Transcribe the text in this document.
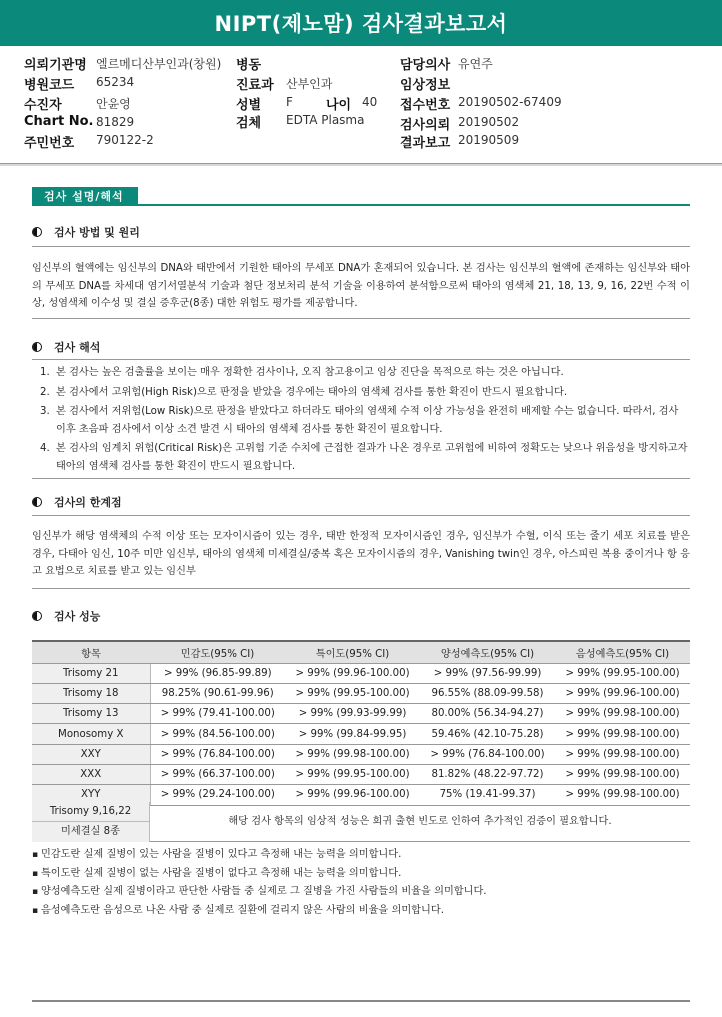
NIPT(제노맘) 검사결과보고서
의뢰기관명 엘르메디산부인과(창원) 병동	담당의사 유연주
병원코드 65234	진료과 산부인과	임상정보
수진자	안윤영	성별 F	나이 40 접수번호 20190502-67409
Chart No. 81829	검체 EDTA Plasma	검사의뢰 20190502
주민번호 790122-2	결과보고 20190509
검사 설명/해석
검사 방법 및 원리
임신부의 혈액에는 임신부의 DNA와 태반에서 기원한 태아의 무세포 DNA가 혼재되어 있습니다. 본 검사는 임신부의 혈액에 존재하는 임신부와 태아의 무세포 DNA를 차세대 염기서열분석 기술과 첨단 정보처리 분석 기술을 이용하여 분석함으로써 태아의 염색체 21, 18, 13, 9, 16, 22번 수적 이상, 성염색체 이수성 및 결실 증후군(8종) 대한 위험도 평가를 제공합니다.
검사 해석
1. 본 검사는 높은 검출률을 보이는 매우 정확한 검사이나, 오직 참고용이고 임상 진단을 목적으로 하는 것은 아닙니다.
2. 본 검사에서 고위험(High Risk)으로 판정을 받았을 경우에는 태아의 염색체 검사를 통한 확진이 반드시 필요합니다.
3. 본 검사에서 저위험(Low Risk)으로 판정을 받았다고 하더라도 태아의 염색체 수적 이상 가능성을 완전히 배제할 수는 없습니다. 따라서, 검사 이후 초음파 검사에서 이상 소견 발견 시 태아의 염색체 검사를 통한 확진이 필요합니다.
4. 본 검사의 임계치 위험(Critical Risk)은 고위험 기준 수치에 근접한 결과가 나온 경우로 고위험에 비하여 정확도는 낮으나 위음성을 방지하고자 태아의 염색체 검사를 통한 확진이 반드시 필요합니다.
검사의 한계점
임신부가 해당 염색체의 수적 이상 또는 모자이시즘이 있는 경우, 태반 한정적 모자이시즘인 경우, 임신부가 수혈, 이식 또는 줄기 세포 치료를 받은 경우, 다태아 임신, 10주 미만 임신부, 태아의 염색체 미세결실/중복 혹은 모자이시즘의 경우, Vanishing twin인 경우, 아스피린 복용 중이거나 항 응고 요법으로 치료를 받고 있는 임신부
검사 성능
항목	민감도(95% CI)	특이도(95% CI)	양성예측도(95% CI)	음성예측도(95% CI)
Trisomy 21	> 99% (96.85-99.89)	> 99% (99.96-100.00)	> 99% (97.56-99.99)	> 99% (99.95-100.00)
Trisomy 18	98.25% (90.61-99.96)	> 99% (99.95-100.00)	96.55% (88.09-99.58)	> 99% (99.96-100.00)
Trisomy 13	> 99% (79.41-100.00)	> 99% (99.93-99.99)	80.00% (56.34-94.27)	> 99% (99.98-100.00)
Monosomy X	> 99% (84.56-100.00)	> 99% (99.84-99.95)	59.46% (42.10-75.28)	> 99% (99.98-100.00)
XXY	> 99% (76.84-100.00)	> 99% (99.98-100.00)	> 99% (76.84-100.00)	> 99% (99.98-100.00)
XXX	> 99% (66.37-100.00)	> 99% (99.95-100.00)	81.82% (48.22-97.72)	> 99% (99.98-100.00)
XYY	> 99% (29.24-100.00)	> 99% (99.96-100.00)	75% (19.41-99.37)	> 99% (99.98-100.00)
Trisomy 9,16,22
미세결실 8종
해당 검사 항목의 임상적 성능은 희귀 출현 빈도로 인하여 추가적인 검증이 필요합니다.
▪ 민감도란 실제 질병이 있는 사람을 질병이 있다고 측정해 내는 능력을 의미합니다.
▪ 특이도란 실제 질병이 없는 사람을 질병이 없다고 측정해 내는 능력을 의미합니다.
▪ 양성예측도란 실제 질병이라고 판단한 사람들 중 실제로 그 질병을 가진 사람들의 비율을 의미합니다.
▪ 음성예측도란 음성으로 나온 사람 중 실제로 질환에 걸리지 않은 사람의 비율을 의미합니다.
